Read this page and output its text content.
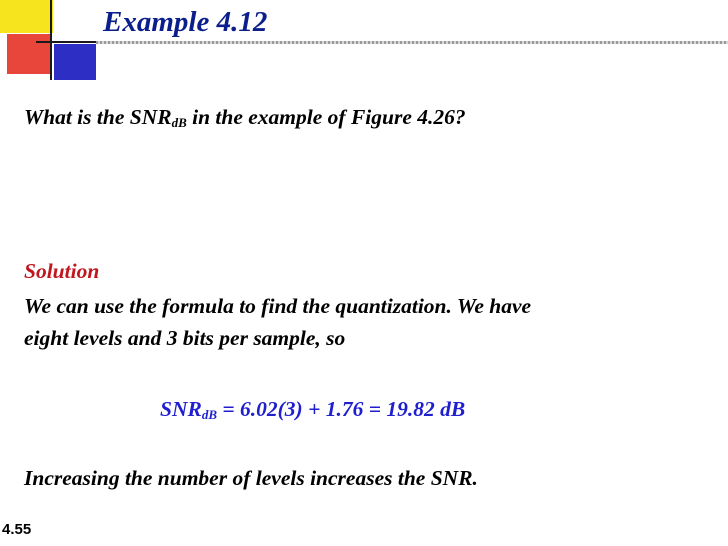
Example 4.12
What is the $SNR_{dB}$ in the example of Figure 4.26?
Solution
We can use the formula to find the quantization. We have
eight levels and 3 bits per sample, so
$SNR_{dB} = 6.02(3) + 1.76 = 19.82$ dB
Increasing the number of levels increases the SNR.
4.55
